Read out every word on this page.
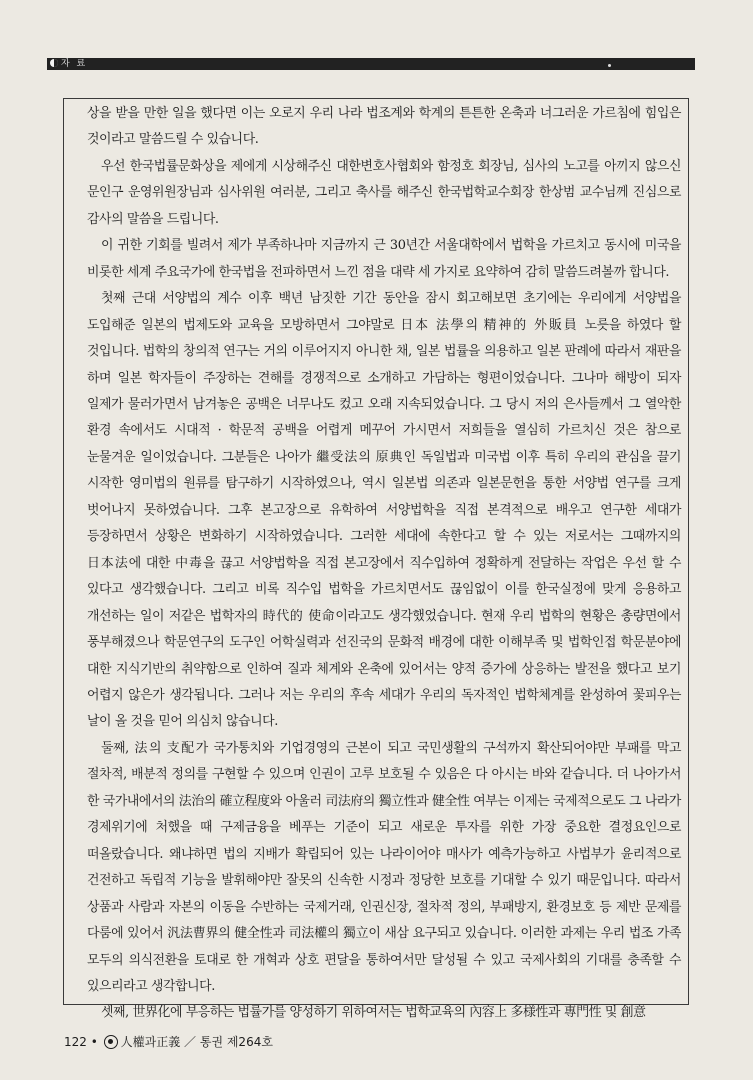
자 료

상을 받을 만한 일을 했다면 이는 오로지 우리 나라 법조계와 학계의 튼튼한 온축과 너그러운 가르침에 힘입은 것이라고 말씀드릴 수 있습니다.

우선 한국법률문화상을 제에게 시상해주신 대한변호사협회와 함정호 회장님, 심사의 노고를 아끼지 않으신 문인구 운영위원장님과 심사위원 여러분, 그리고 축사를 해주신 한국법학교수회장 한상범 교수님께 진심으로 감사의 말씀을 드립니다.

이 귀한 기회를 빌려서 제가 부족하나마 지금까지 근 30년간 서울대학에서 법학을 가르치고 동시에 미국을 비롯한 세계 주요국가에 한국법을 전파하면서 느낀 점을 대략 세 가지로 요약하여 감히 말씀드려볼까 합니다.

첫째 근대 서양법의 계수 이후 백년 남짓한 기간 동안을 잠시 회고해보면 초기에는 우리에게 서양법을 도입해준 일본의 법제도와 교육을 모방하면서 그야말로 日本 法學의 精神的 外販員 노릇을 하였다 할 것입니다. 법학의 창의적 연구는 거의 이루어지지 아니한 채, 일본 법률을 의용하고 일본 판례에 따라서 재판을 하며 일본 학자들이 주장하는 견해를 경쟁적으로 소개하고 가담하는 형편이었습니다. 그나마 해방이 되자 일제가 물러가면서 남겨놓은 공백은 너무나도 컸고 오래 지속되었습니다. 그 당시 저의 은사들께서 그 열악한 환경 속에서도 시대적 · 학문적 공백을 어렵게 메꾸어 가시면서 저희들을 열심히 가르치신 것은 참으로 눈물겨운 일이었습니다. 그분들은 나아가 繼受法의 原典인 독일법과 미국법 이후 특히 우리의 관심을 끌기 시작한 영미법의 원류를 탐구하기 시작하였으나, 역시 일본법 의존과 일본문헌을 통한 서양법 연구를 크게 벗어나지 못하였습니다. 그후 본고장으로 유학하여 서양법학을 직접 본격적으로 배우고 연구한 세대가 등장하면서 상황은 변화하기 시작하였습니다. 그러한 세대에 속한다고 할 수 있는 저로서는 그때까지의 日本法에 대한 中毒을 끊고 서양법학을 직접 본고장에서 직수입하여 정확하게 전달하는 작업은 우선 할 수 있다고 생각했습니다. 그리고 비록 직수입 법학을 가르치면서도 끊임없이 이를 한국실정에 맞게 응용하고 개선하는 일이 저같은 법학자의 時代的 使命이라고도 생각했었습니다. 현재 우리 법학의 현황은 총량면에서 풍부해졌으나 학문연구의 도구인 어학실력과 선진국의 문화적 배경에 대한 이해부족 및 법학인접 학문분야에 대한 지식기반의 취약함으로 인하여 질과 체계와 온축에 있어서는 양적 증가에 상응하는 발전을 했다고 보기 어렵지 않은가 생각됩니다. 그러나 저는 우리의 후속 세대가 우리의 독자적인 법학체계를 완성하여 꽃피우는 날이 올 것을 믿어 의심치 않습니다.

둘째, 法의 支配가 국가통치와 기업경영의 근본이 되고 국민생활의 구석까지 확산되어야만 부패를 막고 절차적, 배분적 정의를 구현할 수 있으며 인권이 고루 보호될 수 있음은 다 아시는 바와 같습니다. 더 나아가서 한 국가내에서의 法治의 確立程度와 아울러 司法府의 獨立性과 健全性 여부는 이제는 국제적으로도 그 나라가 경제위기에 처했을 때 구제금융을 베푸는 기준이 되고 새로운 투자를 위한 가장 중요한 결정요인으로 떠올랐습니다. 왜냐하면 법의 지배가 확립되어 있는 나라이어야 매사가 예측가능하고 사법부가 윤리적으로 건전하고 독립적 기능을 발휘해야만 잘못의 신속한 시정과 정당한 보호를 기대할 수 있기 때문입니다. 따라서 상품과 사람과 자본의 이동을 수반하는 국제거래, 인권신장, 절차적 정의, 부패방지, 환경보호 등 제반 문제를 다룸에 있어서 汎法曹界의 健全性과 司法權의 獨立이 새삼 요구되고 있습니다. 이러한 과제는 우리 법조 가족 모두의 의식전환을 토대로 한 개혁과 상호 편달을 통하여서만 달성될 수 있고 국제사회의 기대를 충족할 수 있으리라고 생각합니다.

셋째, 世界化에 부응하는 법률가를 양성하기 위하여서는 법학교육의 內容上 多様性과 專門性 및 創意

122 • 人權과正義 ／ 통권 제264호
